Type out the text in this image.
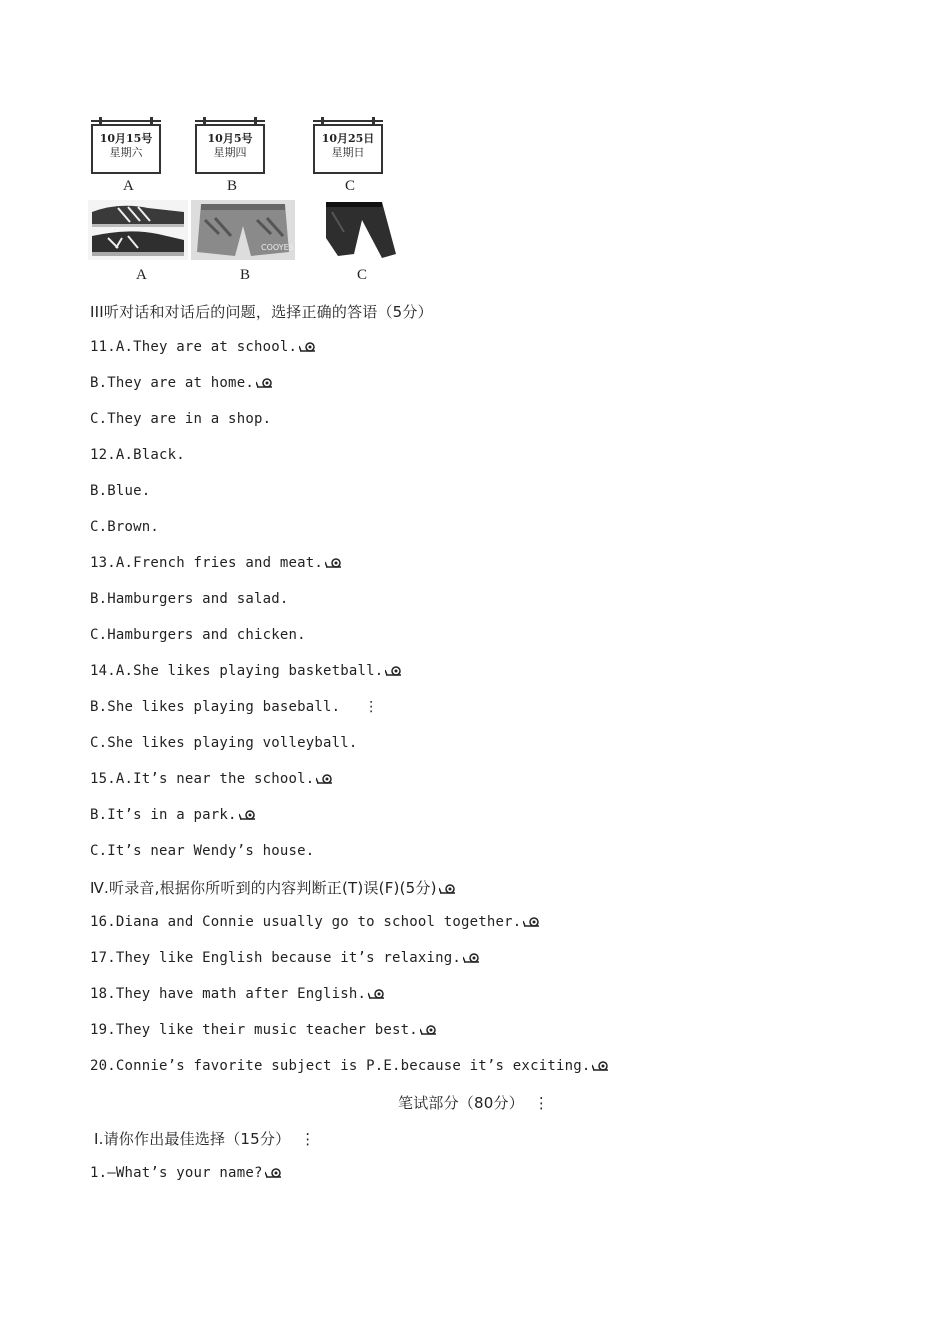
10月15号
星期六
10月5号
星期四
10月25日
星期日
A	B	C
COOYES
A	B	C
III听对话和对话后的问题，选择正确的答语（5分）
11.A.They are at school.
B.They are at home.
C.They are in a shop.
12.A.Black.
B.Blue.
C.Brown.
13.A.French fries and meat.
B.Hamburgers and salad.
C.Hamburgers and chicken.
14.A.She likes playing basketball.
B.She likes playing baseball. ⋮
C.She likes playing volleyball.
15.A.It’s near the school.
B.It’s in a park.
C.It’s near Wendy’s house.
Ⅳ.听录音,根据你所听到的内容判断正(T)误(F)(5分)
16.Diana and Connie usually go to school together.
17.They like English because it’s relaxing.
18.They have math after English.
19.They like their music teacher best.
20.Connie’s favorite subject is P.E.because it’s exciting.
笔试部分（80分） ⋮
Ⅰ.请你作出最佳选择（15分） ⋮
1.—What’s your name?
